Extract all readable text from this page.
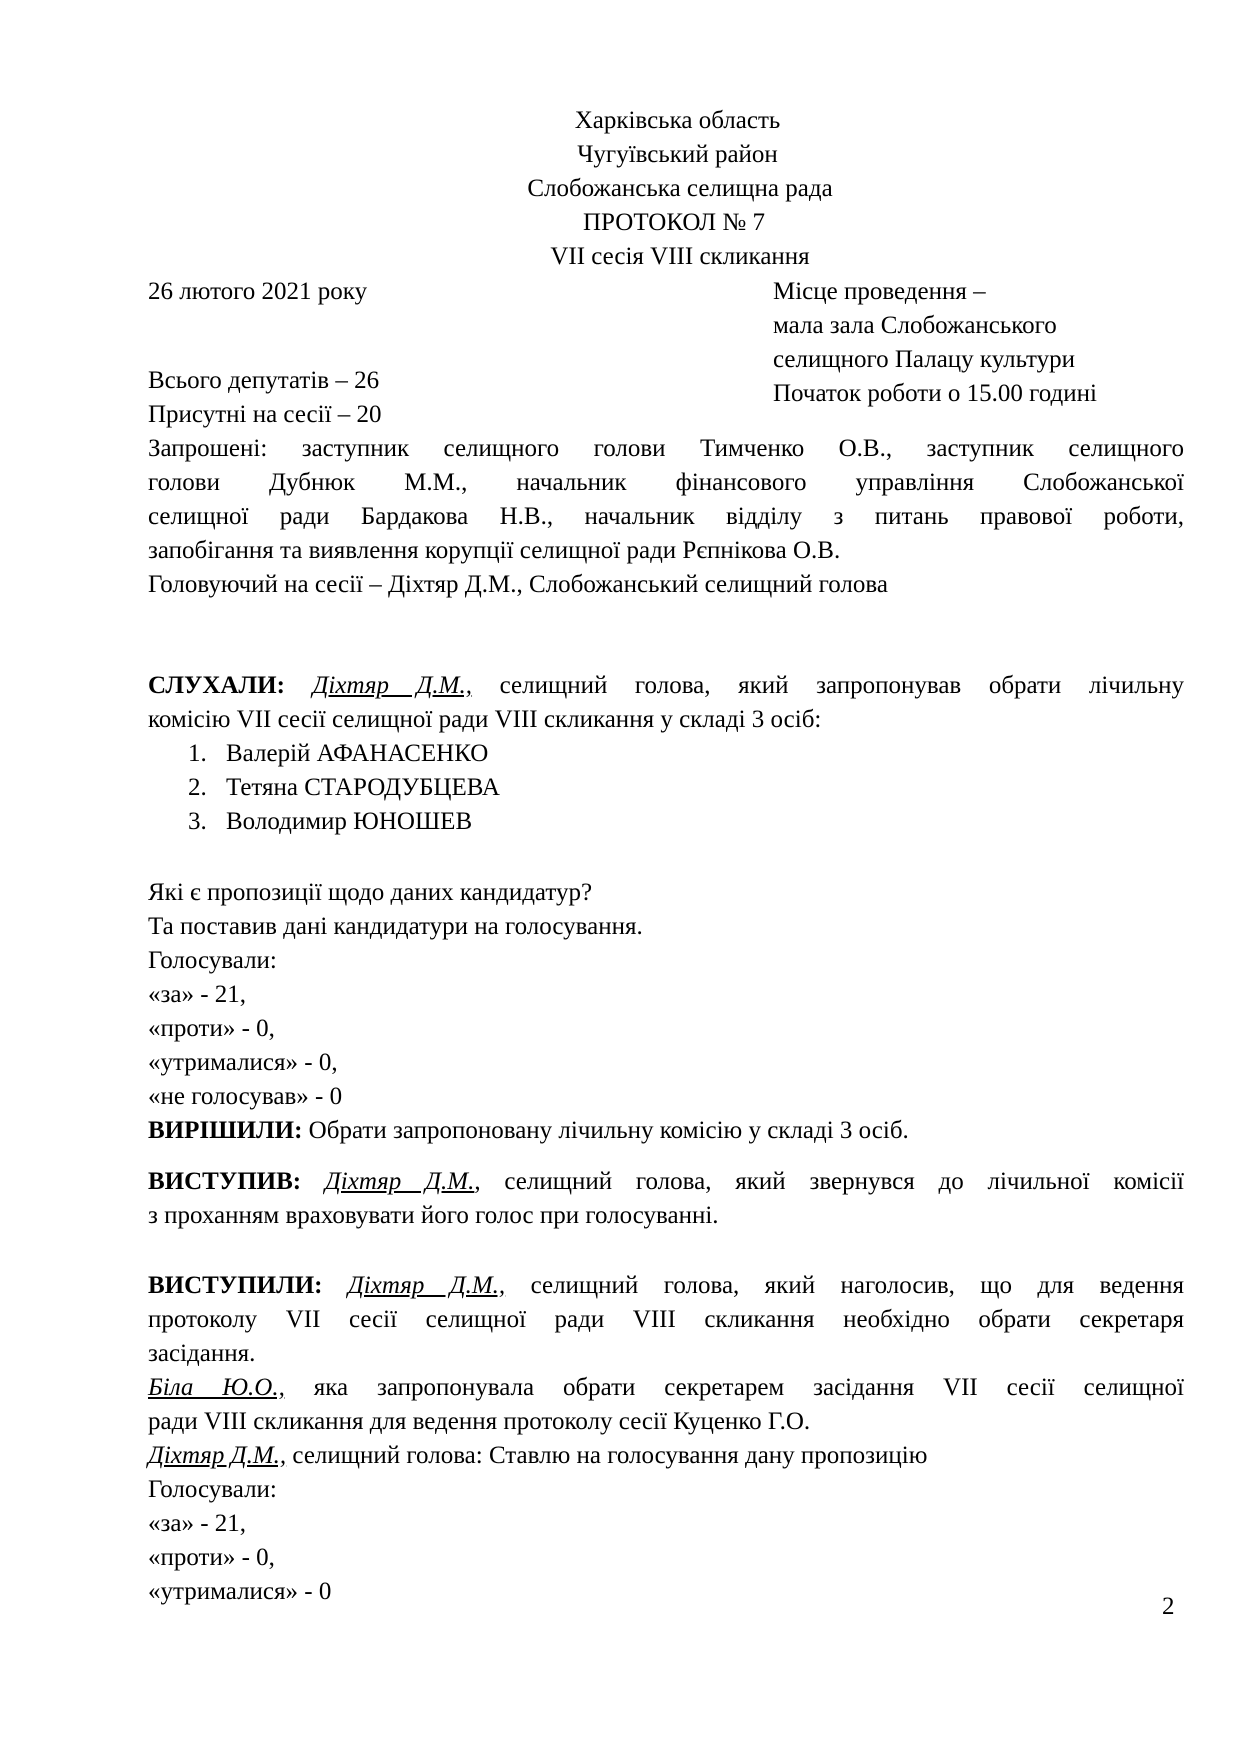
Харківська область
Чугуївський район
Слобожанська селищна рада
ПРОТОКОЛ № 7
VII сесія VIII скликання
26 лютого 2021 року	Місце проведення –
мала зала Слобожанського
селищного Палацу культури
Початок роботи о 15.00 годині
Всього депутатів – 26
Присутні на сесії – 20
Запрошені: заступник селищного голови Тимченко О.В., заступник селищного
голови Дубнюк М.М., начальник фінансового управління Слобожанської
селищної ради Бардакова Н.В., начальник відділу з питань правової роботи,
запобігання та виявлення корупції селищної ради Рєпнікова О.В.
Головуючий на сесії – Діхтяр Д.М., Слобожанський селищний голова
СЛУХАЛИ: Діхтяр Д.М., селищний голова, який запропонував обрати лічильну
комісію VII сесії селищної ради VIII скликання у складі 3 осіб:
1. Валерій АФАНАСЕНКО
2. Тетяна СТАРОДУБЦЕВА
3. Володимир ЮНОШЕВ
Які є пропозиції щодо даних кандидатур?
Та поставив дані кандидатури на голосування.
Голосували:
«за» - 21,
«проти» - 0,
«утрималися» - 0,
«не голосував» - 0
ВИРІШИЛИ: Обрати запропоновану лічильну комісію у складі 3 осіб.
ВИСТУПИВ: Діхтяр Д.М., селищний голова, який звернувся до лічильної комісії
з проханням враховувати його голос при голосуванні.
ВИСТУПИЛИ: Діхтяр Д.М., селищний голова, який наголосив, що для ведення
протоколу VII сесії селищної ради VIII скликання необхідно обрати секретаря
засідання.
Біла Ю.О., яка запропонувала обрати секретарем засідання VII сесії селищної
ради VIII скликання для ведення протоколу сесії Куценко Г.О.
Діхтяр Д.М., селищний голова: Ставлю на голосування дану пропозицію
Голосували:
«за» - 21,
«проти» - 0,
«утрималися» - 0
2
